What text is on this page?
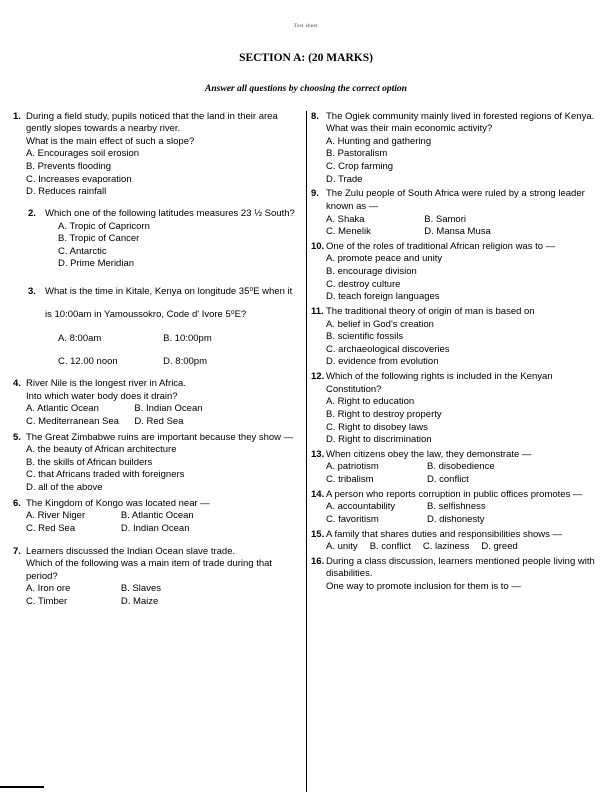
Test sheet
SECTION A: (20 MARKS)
Answer all questions by choosing the correct option
1. During a field study, pupils noticed that the land in their area gently slopes towards a nearby river.
What is the main effect of such a slope?
A. Encourages soil erosion
B. Prevents flooding
C. Increases evaporation
D. Reduces rainfall
2. Which one of the following latitudes measures 23 ½ South?
A. Tropic of Capricorn
B. Tropic of Cancer
C. Antarctic
D. Prime Meridian
3. What is the time in Kitale, Kenya on longitude 35⁰E when it is 10:00am in Yamoussokro, Code d' Ivore 5⁰E?
A. 8:00am	B. 10:00pm
C. 12.00 noon	D. 8:00pm
4. River Nile is the longest river in Africa.
Into which water body does it drain?
A. Atlantic Ocean	B. Indian Ocean
C. Mediterranean Sea	D. Red Sea
5. The Great Zimbabwe ruins are important because they show —
A. the beauty of African architecture
B. the skills of African builders
C. that Africans traded with foreigners
D. all of the above
6. The Kingdom of Kongo was located near —
A. River Niger	B. Atlantic Ocean
C. Red Sea	D. Indian Ocean
7. Learners discussed the Indian Ocean slave trade.
Which of the following was a main item of trade during that period?
A. Iron ore	B. Slaves
C. Timber	D. Maize
8. The Ogiek community mainly lived in forested regions of Kenya.
What was their main economic activity?
A. Hunting and gathering
B. Pastoralism
C. Crop farming
D. Trade
9. The Zulu people of South Africa were ruled by a strong leader known as —
A. Shaka	B. Samori
C. Menelik	D. Mansa Musa
10. One of the roles of traditional African religion was to —
A. promote peace and unity
B. encourage division
C. destroy culture
D. teach foreign languages
11. The traditional theory of origin of man is based on
A. belief in God's creation
B. scientific fossils
C. archaeological discoveries
D. evidence from evolution
12. Which of the following rights is included in the Kenyan Constitution?
A. Right to education
B. Right to destroy property
C. Right to disobey laws
D. Right to discrimination
13. When citizens obey the law, they demonstrate —
A. patriotism	B. disobedience
C. tribalism	D. conflict
14. A person who reports corruption in public offices promotes —
A. accountability	B. selfishness
C. favoritism	D. dishonesty
15. A family that shares duties and responsibilities shows —
A. unity B. conflict C. laziness D. greed
16. During a class discussion, learners mentioned people living with disabilities.
One way to promote inclusion for them is to —
